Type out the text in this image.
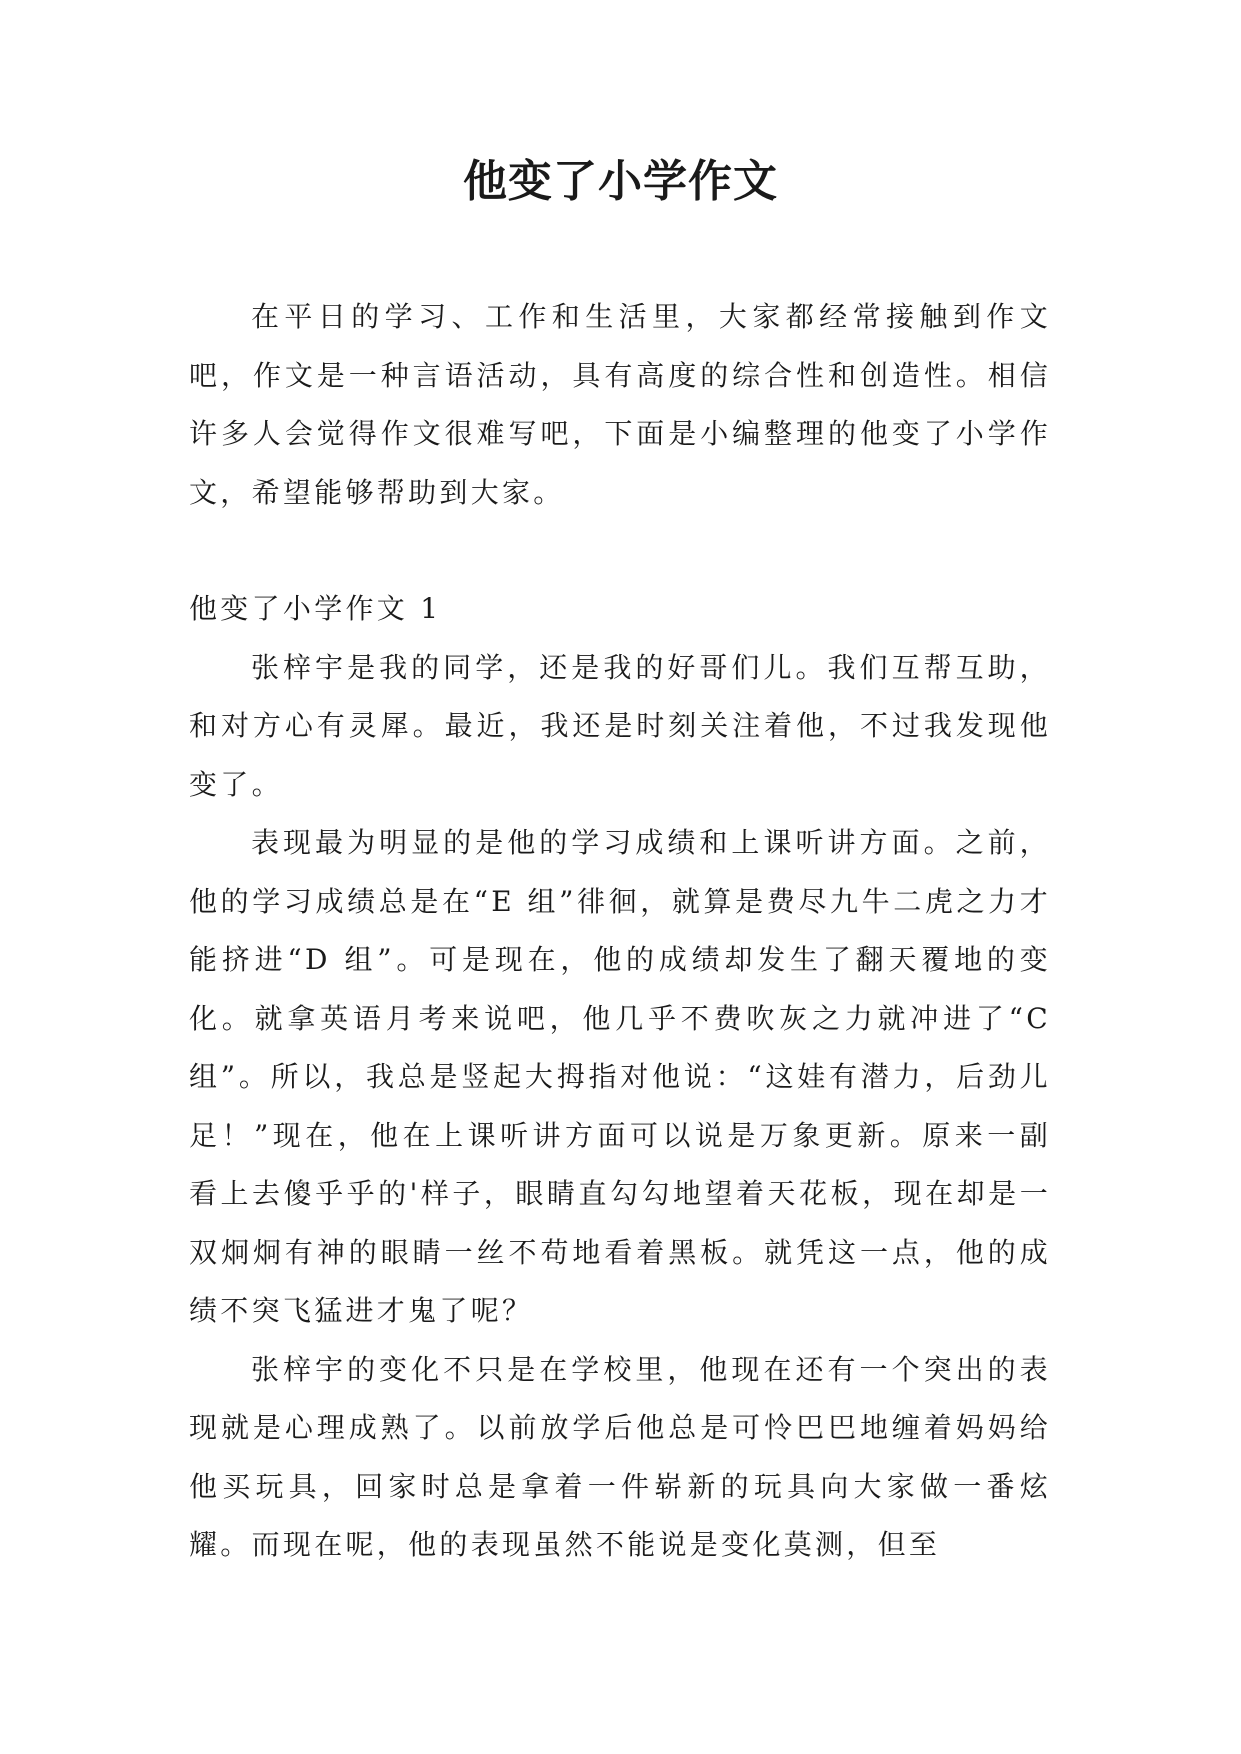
他变了小学作文

在平日的学习、工作和生活里，大家都经常接触到作文吧，作文是一种言语活动，具有高度的综合性和创造性。相信许多人会觉得作文很难写吧，下面是小编整理的他变了小学作文，希望能够帮助到大家。

他变了小学作文 1

张梓宇是我的同学，还是我的好哥们儿。我们互帮互助，和对方心有灵犀。最近，我还是时刻关注着他，不过我发现他变了。

表现最为明显的是他的学习成绩和上课听讲方面。之前，他的学习成绩总是在“E 组”徘徊，就算是费尽九牛二虎之力才能挤进“D 组”。可是现在，他的成绩却发生了翻天覆地的变化。就拿英语月考来说吧，他几乎不费吹灰之力就冲进了“C 组”。所以，我总是竖起大拇指对他说：“这娃有潜力，后劲儿足！”现在，他在上课听讲方面可以说是万象更新。原来一副看上去傻乎乎的'样子，眼睛直勾勾地望着天花板，现在却是一双炯炯有神的眼睛一丝不苟地看着黑板。就凭这一点，他的成绩不突飞猛进才鬼了呢？

张梓宇的变化不只是在学校里，他现在还有一个突出的表现就是心理成熟了。以前放学后他总是可怜巴巴地缠着妈妈给他买玩具，回家时总是拿着一件崭新的玩具向大家做一番炫耀。而现在呢，他的表现虽然不能说是变化莫测，但至
